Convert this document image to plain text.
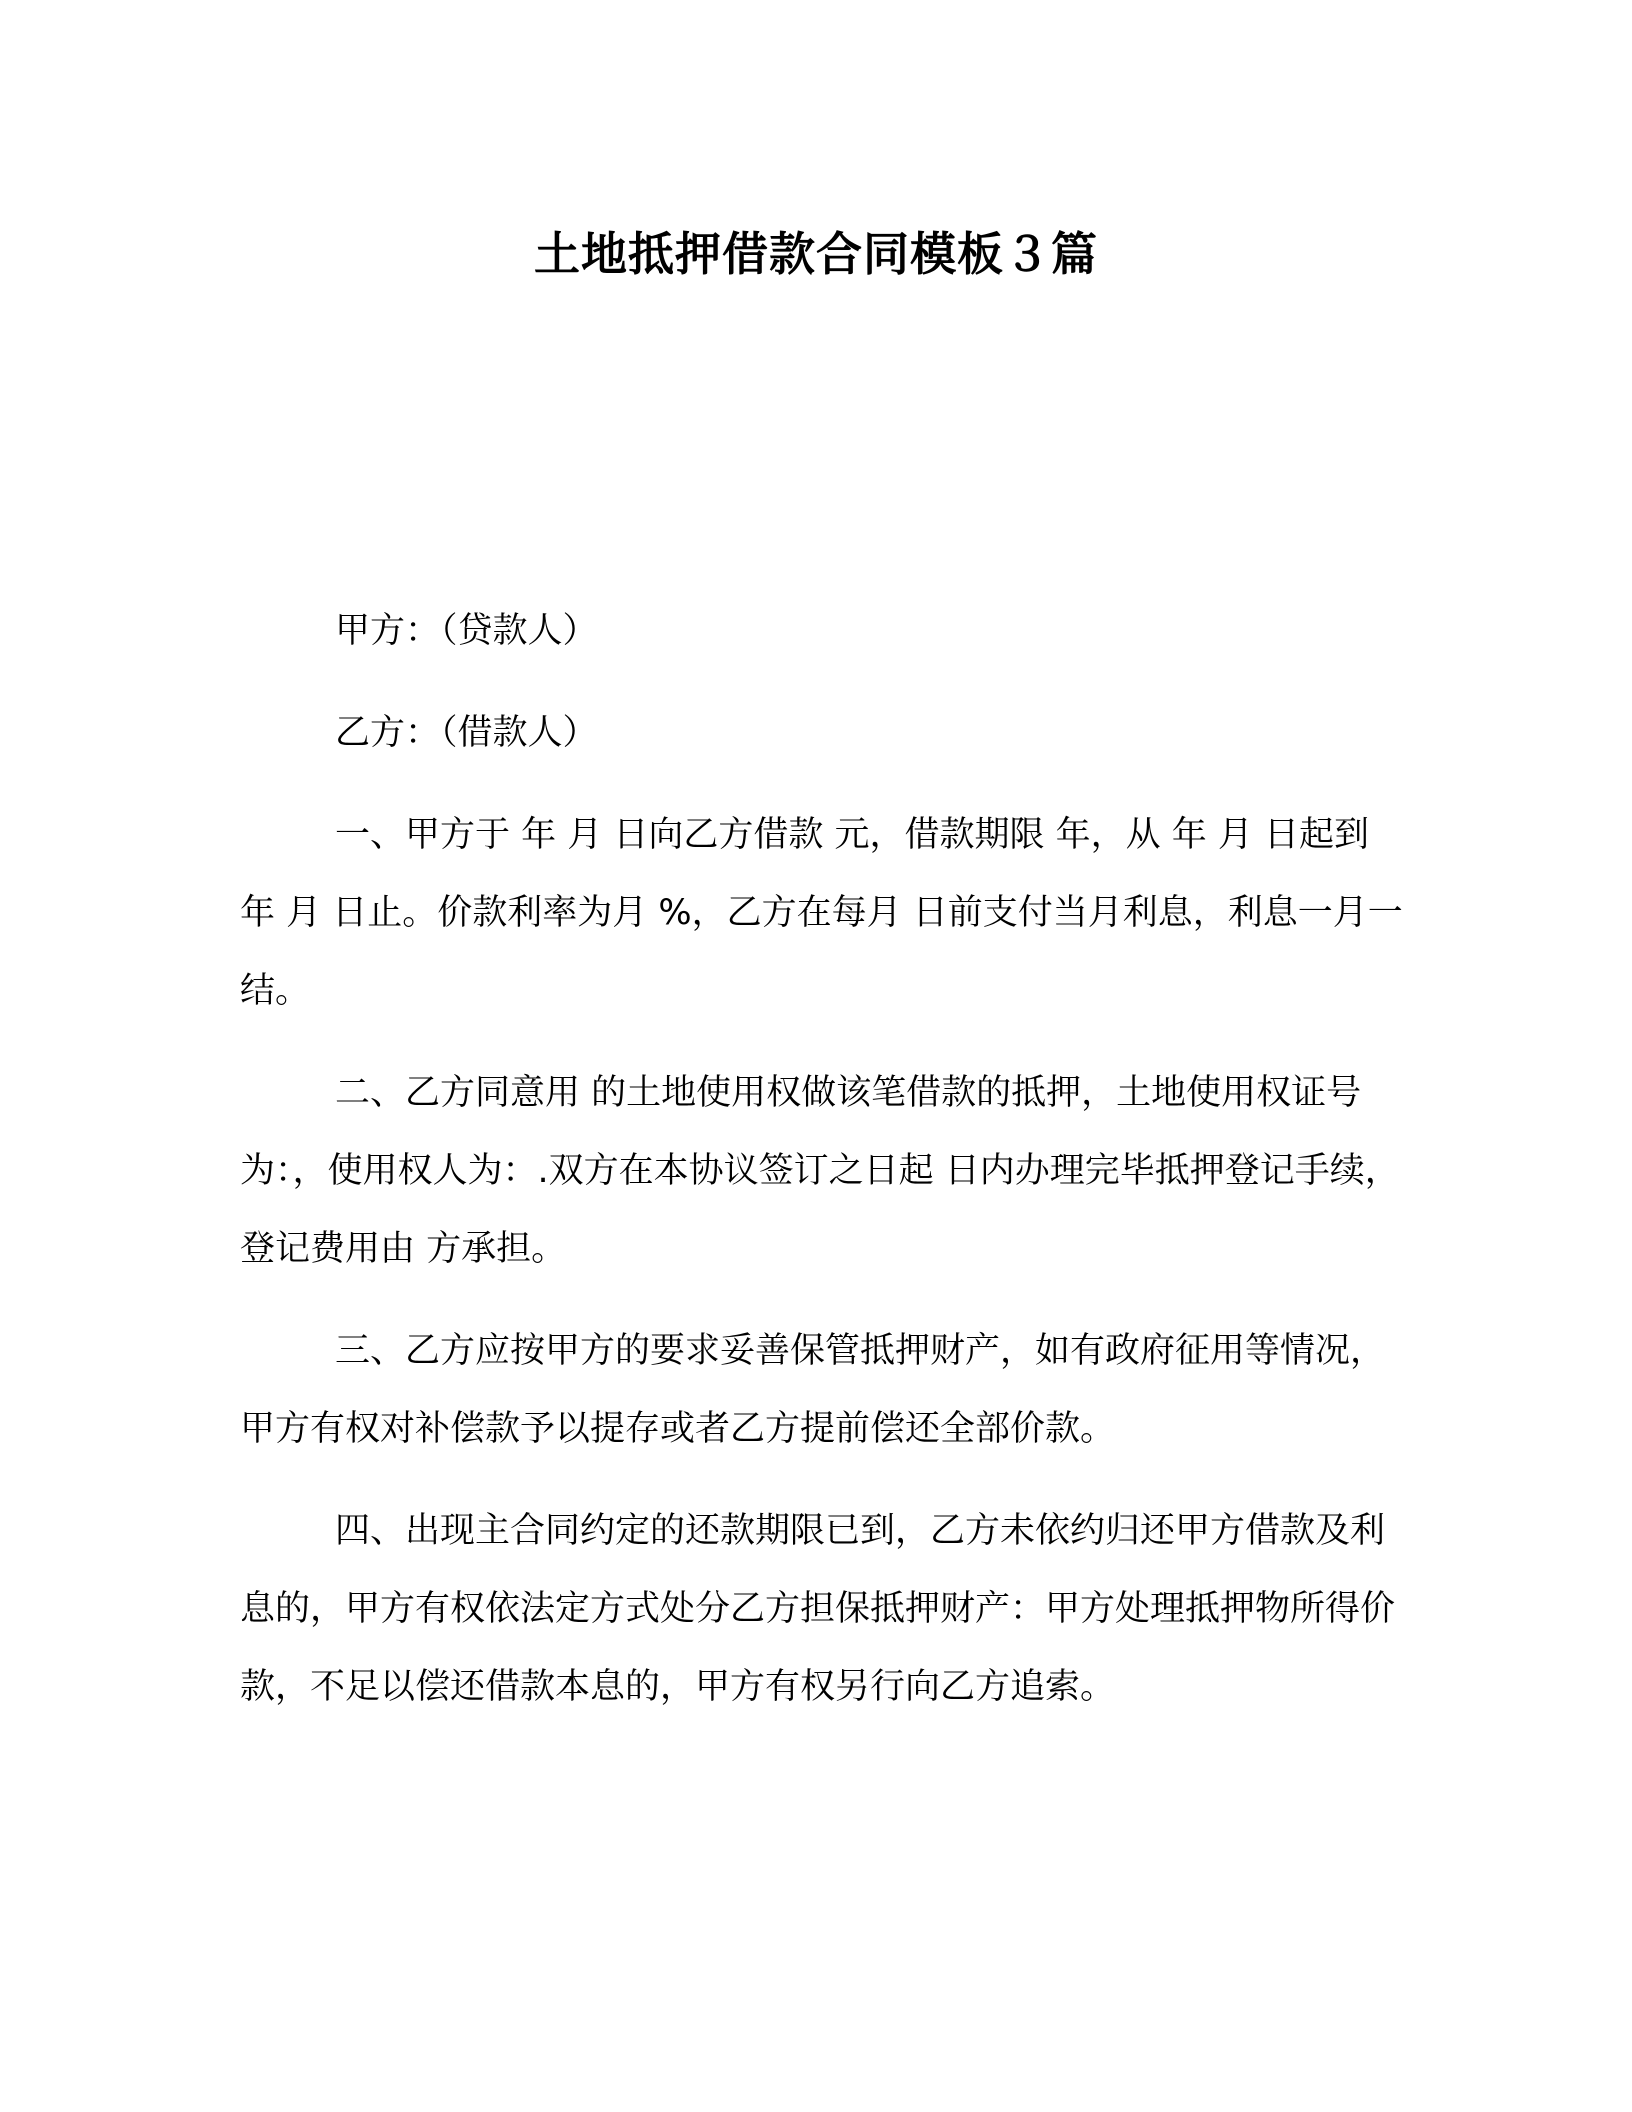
土地抵押借款合同模板３篇

甲方：（贷款人）

乙方：（借款人）

一、甲方于 年 月 日向乙方借款 元，借款期限 年，从 年 月 日起到 年 月 日止。价款利率为月 %，乙方在每月 日前支付当月利息，利息一月一结。

二、乙方同意用 的土地使用权做该笔借款的抵押，土地使用权证号为：，使用权人为：.双方在本协议签订之日起 日内办理完毕抵押登记手续，登记费用由 方承担。

三、乙方应按甲方的要求妥善保管抵押财产，如有政府征用等情况，甲方有权对补偿款予以提存或者乙方提前偿还全部价款。

四、出现主合同约定的还款期限已到，乙方未依约归还甲方借款及利息的，甲方有权依法定方式处分乙方担保抵押财产：甲方处理抵押物所得价款，不足以偿还借款本息的，甲方有权另行向乙方追索。
